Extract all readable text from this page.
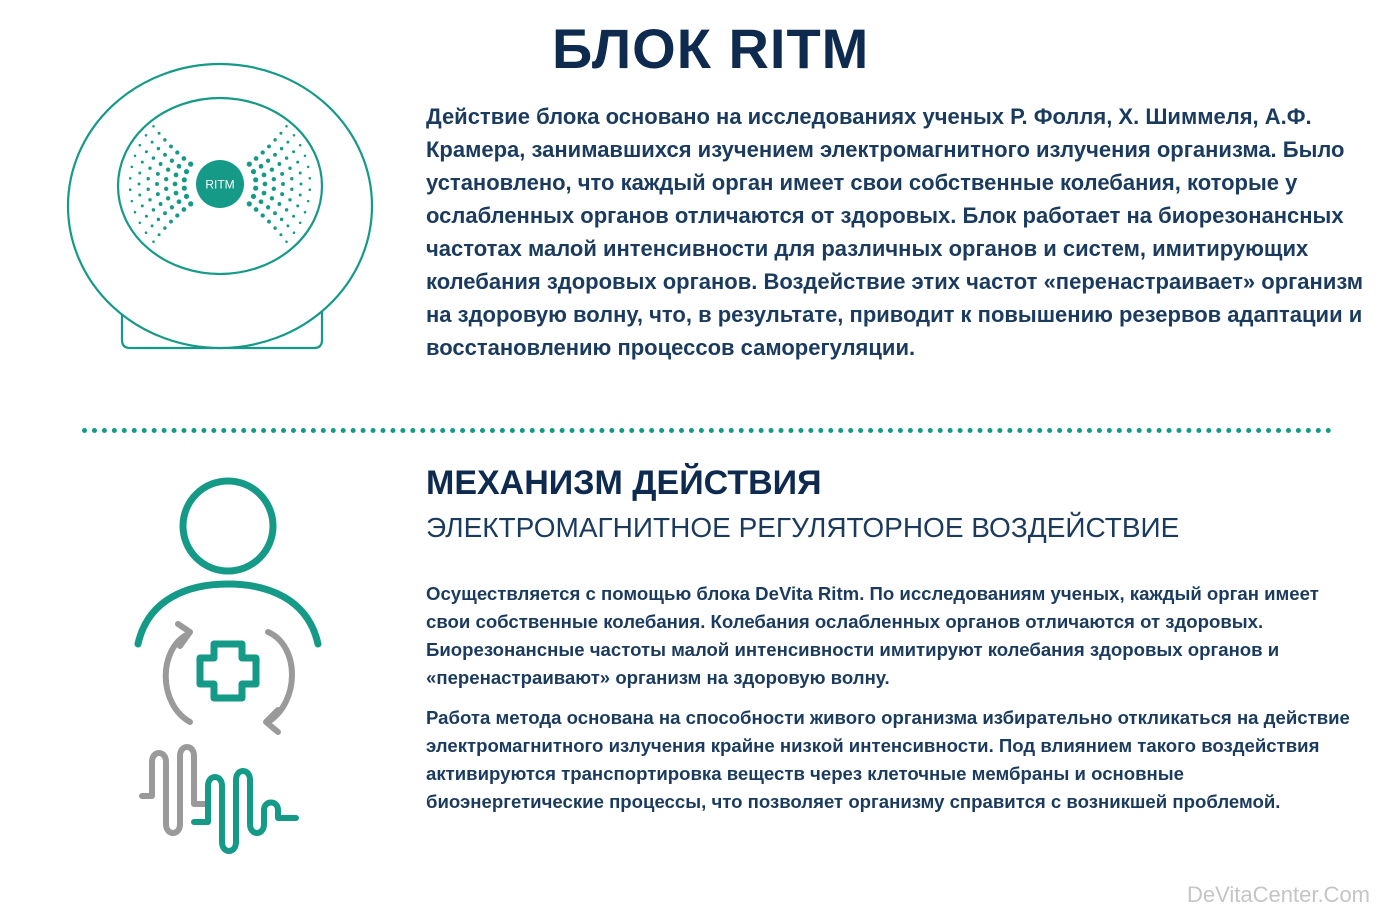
БЛОК RITM
RITM

Действие блока основано на исследованиях ученых Р. Фолля, Х. Шиммеля, А.Ф. Крамера, занимавшихся изучением электромагнитного излучения организма. Было установлено, что каждый орган имеет свои собственные колебания, которые у ослабленных органов отличаются от здоровых. Блок работает на биорезонансных частотах малой интенсивности для различных органов и систем, имитирующих колебания здоровых органов. Воздействие этих частот «перенастраивает» организм на здоровую волну, что, в результате, приводит к повышению резервов адаптации и восстановлению процессов саморегуляции.

МЕХАНИЗМ ДЕЙСТВИЯ
ЭЛЕКТРОМАГНИТНОЕ РЕГУЛЯТОРНОЕ ВОЗДЕЙСТВИЕ

Осуществляется с помощью блока DeVita Ritm. По исследованиям ученых, каждый орган имеет свои собственные колебания. Колебания ослабленных органов отличаются от здоровых. Биорезонансные частоты малой интенсивности имитируют колебания здоровых органов и «перенастраивают» организм на здоровую волну.

Работа метода основана на способности живого организма избирательно откликаться на действие электромагнитного излучения крайне низкой интенсивности. Под влиянием такого воздействия активируются транспортировка веществ через клеточные мембраны и основные биоэнергетические процессы, что позволяет организму справится с возникшей проблемой.

DeVitaCenter.Com
